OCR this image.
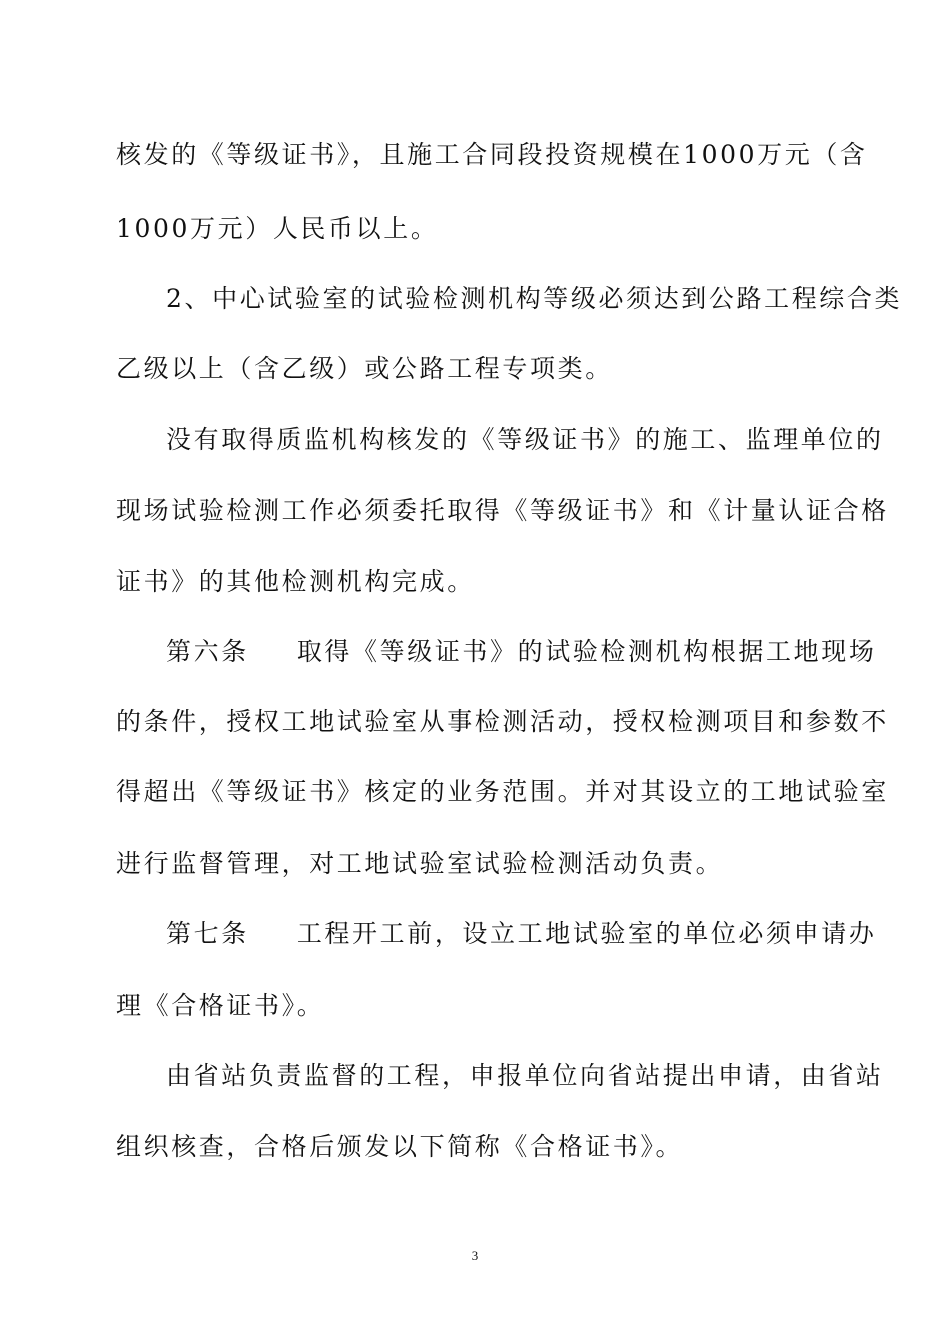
核发的《等级证书》，且施工合同段投资规模在1000万元（含
1000万元）人民币以上。
2、中心试验室的试验检测机构等级必须达到公路工程综合类
乙级以上（含乙级）或公路工程专项类。
没有取得质监机构核发的《等级证书》的施工、监理单位的
现场试验检测工作必须委托取得《等级证书》和《计量认证合格
证书》的其他检测机构完成。
第六条 取得《等级证书》的试验检测机构根据工地现场
的条件，授权工地试验室从事检测活动，授权检测项目和参数不
得超出《等级证书》核定的业务范围。并对其设立的工地试验室
进行监督管理，对工地试验室试验检测活动负责。
第七条 工程开工前，设立工地试验室的单位必须申请办
理《合格证书》。
由省站负责监督的工程，申报单位向省站提出申请，由省站
组织核查，合格后颁发以下简称《合格证书》。
3
